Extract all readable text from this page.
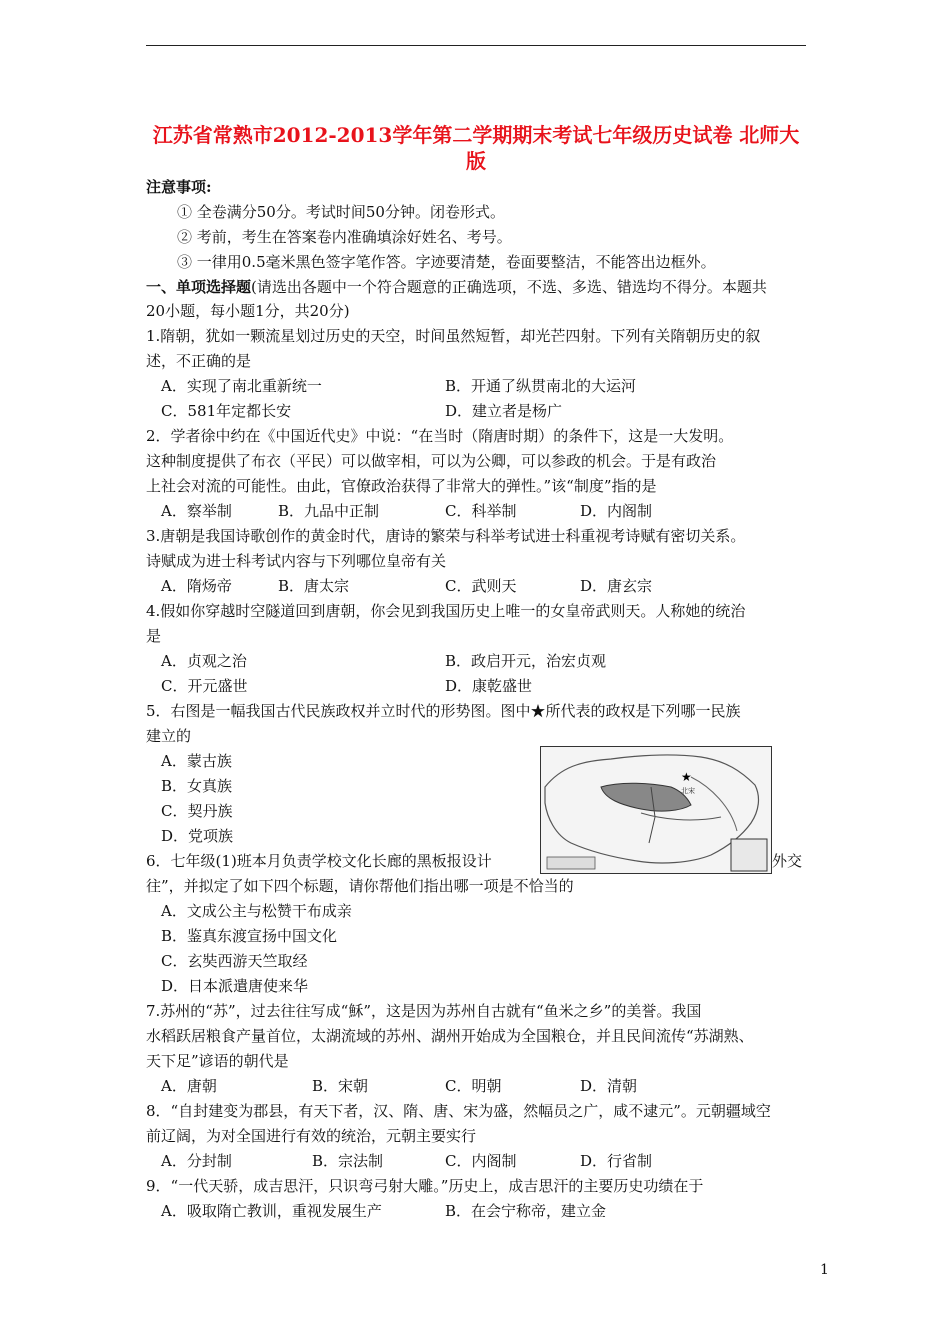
江苏省常熟市2012-2013学年第二学期期末考试七年级历史试卷 北师大版
注意事项:
① 全卷满分50分。考试时间50分钟。闭卷形式。
② 考前，考生在答案卷内准确填涂好姓名、考号。
③ 一律用0.5毫米黑色签字笔作答。字迹要清楚，卷面要整洁，不能答出边框外。
一、单项选择题(请选出各题中一个符合题意的正确选项，不选、多选、错选均不得分。本题共
20小题，每小题1分，共20分)
1.隋朝，犹如一颗流星划过历史的天空，时间虽然短暂，却光芒四射。下列有关隋朝历史的叙
述，不正确的是
A．实现了南北重新统一	B．开通了纵贯南北的大运河
C．581年定都长安	D．建立者是杨广
2．学者徐中约在《中国近代史》中说：“在当时（隋唐时期）的条件下，这是一大发明。
这种制度提供了布衣（平民）可以做宰相，可以为公卿，可以参政的机会。于是有政治
上社会对流的可能性。由此，官僚政治获得了非常大的弹性。”该“制度”指的是
A．察举制	B．九品中正制	C．科举制	D．内阁制
3.唐朝是我国诗歌创作的黄金时代，唐诗的繁荣与科举考试进士科重视考诗赋有密切关系。
诗赋成为进士科考试内容与下列哪位皇帝有关
A．隋炀帝	B．唐太宗	C．武则天	D．唐玄宗
4.假如你穿越时空隧道回到唐朝，你会见到我国历史上唯一的女皇帝武则天。人称她的统治
是
A．贞观之治	B．政启开元，治宏贞观
C．开元盛世	D．康乾盛世
5．右图是一幅我国古代民族政权并立时代的形势图。图中★所代表的政权是下列哪一民族
建立的
A．蒙古族
B．女真族
C．契丹族
D．党项族
★
北宋
6．七年级(1)班本月负责学校文化长廊的黑板报设计	外交
往”，并拟定了如下四个标题，请你帮他们指出哪一项是不恰当的
A．文成公主与松赞干布成亲
B．鉴真东渡宣扬中国文化
C．玄奘西游天竺取经
D．日本派遣唐使来华
7.苏州的“苏”，过去往往写成“穌”，这是因为苏州自古就有“鱼米之乡”的美誉。我国
水稻跃居粮食产量首位，太湖流域的苏州、湖州开始成为全国粮仓，并且民间流传“苏湖熟、
天下足”谚语的朝代是
A．唐朝	B．宋朝	C．明朝	D．清朝
8．“自封建变为郡县，有天下者，汉、隋、唐、宋为盛，然幅员之广，咸不逮元”。元朝疆域空
前辽阔，为对全国进行有效的统治，元朝主要实行
A．分封制	B．宗法制	C．内阁制	D．行省制
9．“一代天骄，成吉思汗，只识弯弓射大雕。”历史上，成吉思汗的主要历史功绩在于
A．吸取隋亡教训，重视发展生产	B．在会宁称帝，建立金
1
